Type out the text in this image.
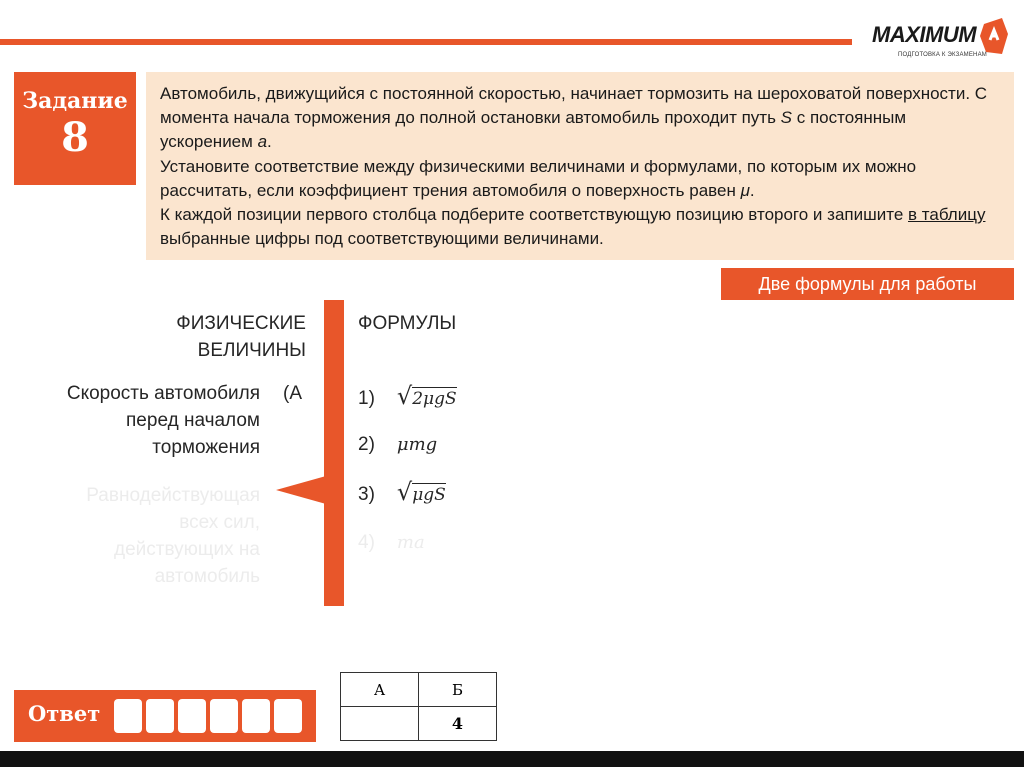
MAXIMUM
ПОДГОТОВКА К ЭКЗАМЕНАМ
Задание
8

Автомобиль, движущийся с постоянной скоростью, начинает тормозить на шероховатой поверхности. С момента начала торможения до полной остановки автомобиль проходит путь S с постоянным ускорением a.

Установите соответствие между физическими величинами и формулами, по которым их можно рассчитать, если коэффициент трения автомобиля о поверхность равен μ.

К каждой позиции первого столбца подберите соответствующую позицию второго и запишите в таблицу выбранные цифры под соответствующими величинами.

Две формулы для работы
ФИЗИЧЕСКИЕ
ВЕЛИЧИНЫ
ФОРМУЛЫ
Скорость автомобиля
перед началом
торможения
(А
Равнодействующая
всех сил,
действующих на
автомобиль
1) √2μgS
2) μmg
3) √μgS
4) ma
А	Б
	4
Ответ
